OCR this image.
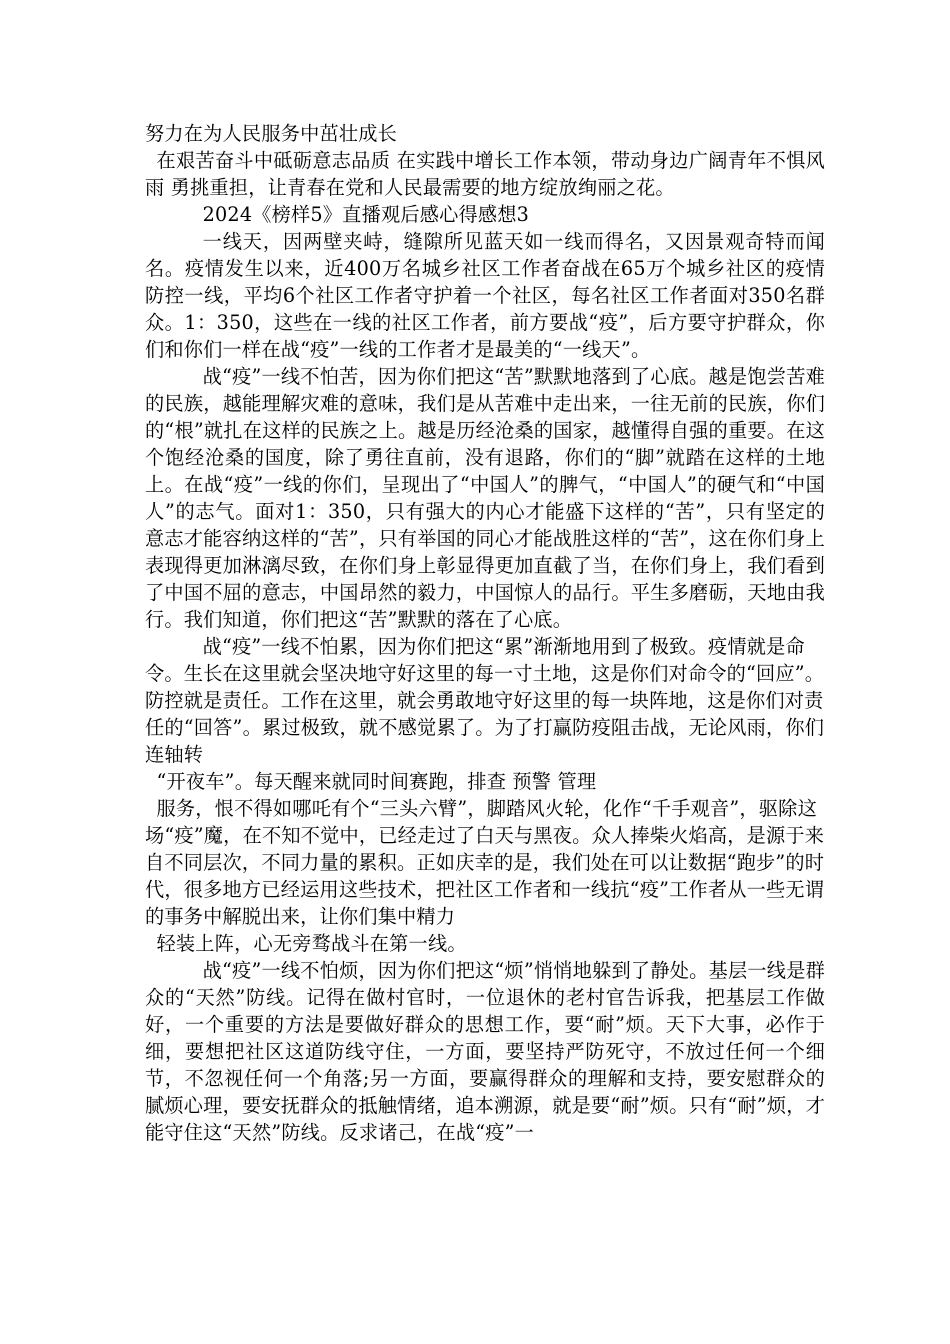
努力在为人民服务中茁壮成长

在艰苦奋斗中砥砺意志品质 在实践中增长工作本领，带动身边广阔青年不惧风雨 勇挑重担，让青春在党和人民最需要的地方绽放绚丽之花。

2024《榜样5》直播观后感心得感想3

一线天，因两壁夹峙，缝隙所见蓝天如一线而得名，又因景观奇特而闻名。疫情发生以来，近400万名城乡社区工作者奋战在65万个城乡社区的疫情防控一线，平均6个社区工作者守护着一个社区，每名社区工作者面对350名群众。1：350，这些在一线的社区工作者，前方要战“疫”，后方要守护群众，你们和你们一样在战“疫”一线的工作者才是最美的“一线天”。

战“疫”一线不怕苦，因为你们把这“苦”默默地落到了心底。越是饱尝苦难的民族，越能理解灾难的意味，我们是从苦难中走出来，一往无前的民族，你们的“根”就扎在这样的民族之上。越是历经沧桑的国家，越懂得自强的重要。在这个饱经沧桑的国度，除了勇往直前，没有退路，你们的“脚”就踏在这样的土地上。在战“疫”一线的你们，呈现出了“中国人”的脾气，“中国人”的硬气和“中国人”的志气。面对1：350，只有强大的内心才能盛下这样的“苦”，只有坚定的意志才能容纳这样的“苦”，只有举国的同心才能战胜这样的“苦”，这在你们身上表现得更加淋漓尽致，在你们身上彰显得更加直截了当，在你们身上，我们看到了中国不屈的意志，中国昂然的毅力，中国惊人的品行。平生多磨砺，天地由我行。我们知道，你们把这“苦”默默的落在了心底。

战“疫”一线不怕累，因为你们把这“累”渐渐地用到了极致。疫情就是命令。生长在这里就会坚决地守好这里的每一寸土地，这是你们对命令的“回应”。防控就是责任。工作在这里，就会勇敢地守好这里的每一块阵地，这是你们对责任的“回答”。累过极致，就不感觉累了。为了打赢防疫阻击战，无论风雨，你们连轴转

“开夜车”。每天醒来就同时间赛跑，排查 预警 管理

服务，恨不得如哪吒有个“三头六臂”，脚踏风火轮，化作“千手观音”，驱除这场“疫”魔，在不知不觉中，已经走过了白天与黑夜。众人捧柴火焰高，是源于来自不同层次，不同力量的累积。正如庆幸的是，我们处在可以让数据“跑步”的时代，很多地方已经运用这些技术，把社区工作者和一线抗“疫”工作者从一些无谓的事务中解脱出来，让你们集中精力

轻装上阵，心无旁骛战斗在第一线。

战“疫”一线不怕烦，因为你们把这“烦”悄悄地躲到了静处。基层一线是群众的“天然”防线。记得在做村官时，一位退休的老村官告诉我，把基层工作做好，一个重要的方法是要做好群众的思想工作，要“耐”烦。天下大事，必作于细，要想把社区这道防线守住，一方面，要坚持严防死守，不放过任何一个细节，不忽视任何一个角落;另一方面，要赢得群众的理解和支持，要安慰群众的腻烦心理，要安抚群众的抵触情绪，追本溯源，就是要“耐”烦。只有“耐”烦，才能守住这“天然”防线。反求诸己，在战“疫”一
